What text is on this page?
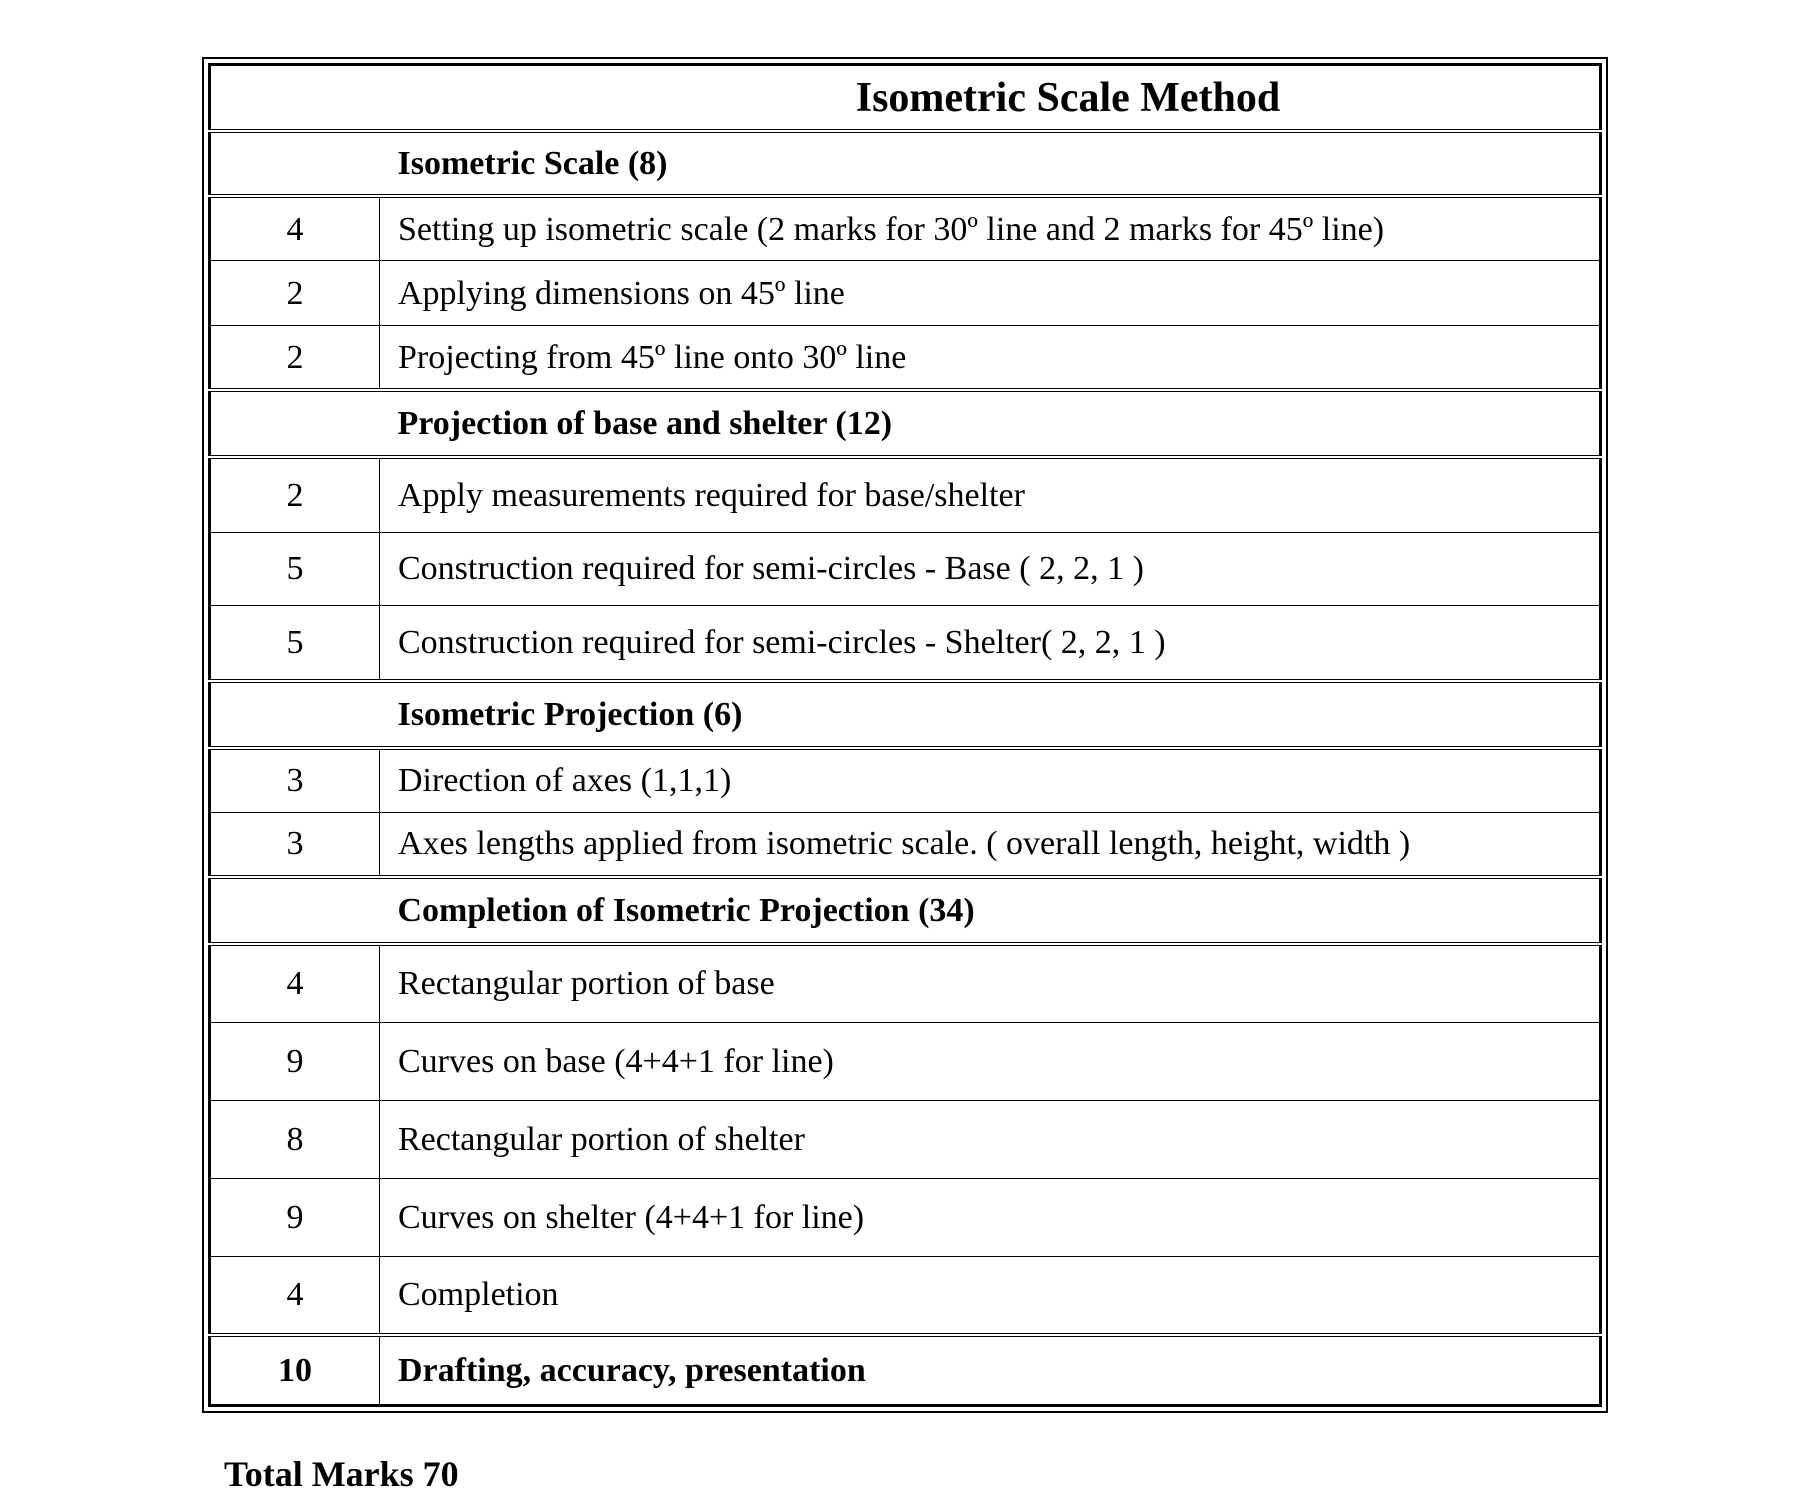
Isometric Scale Method	
	Isometric Scale (8)
4	Setting up isometric scale (2 marks for 30º line and 2 marks for 45º line)
2	Applying dimensions on 45º line
2	Projecting from 45º line onto 30º line
	Projection of base and shelter (12)
2	Apply measurements required for base/shelter
5	Construction required for semi-circles - Base ( 2, 2, 1 )
5	Construction required for semi-circles - Shelter( 2, 2, 1 )
	Isometric Projection (6)
3	Direction of axes (1,1,1)
3	Axes lengths applied from isometric scale. ( overall length, height, width )
	Completion of Isometric Projection (34)
4	Rectangular portion of base
9	Curves on base (4+4+1 for line)
8	Rectangular portion of shelter
9	Curves on shelter (4+4+1 for line)
4	Completion
10	Drafting, accuracy, presentation
Total Marks 70
